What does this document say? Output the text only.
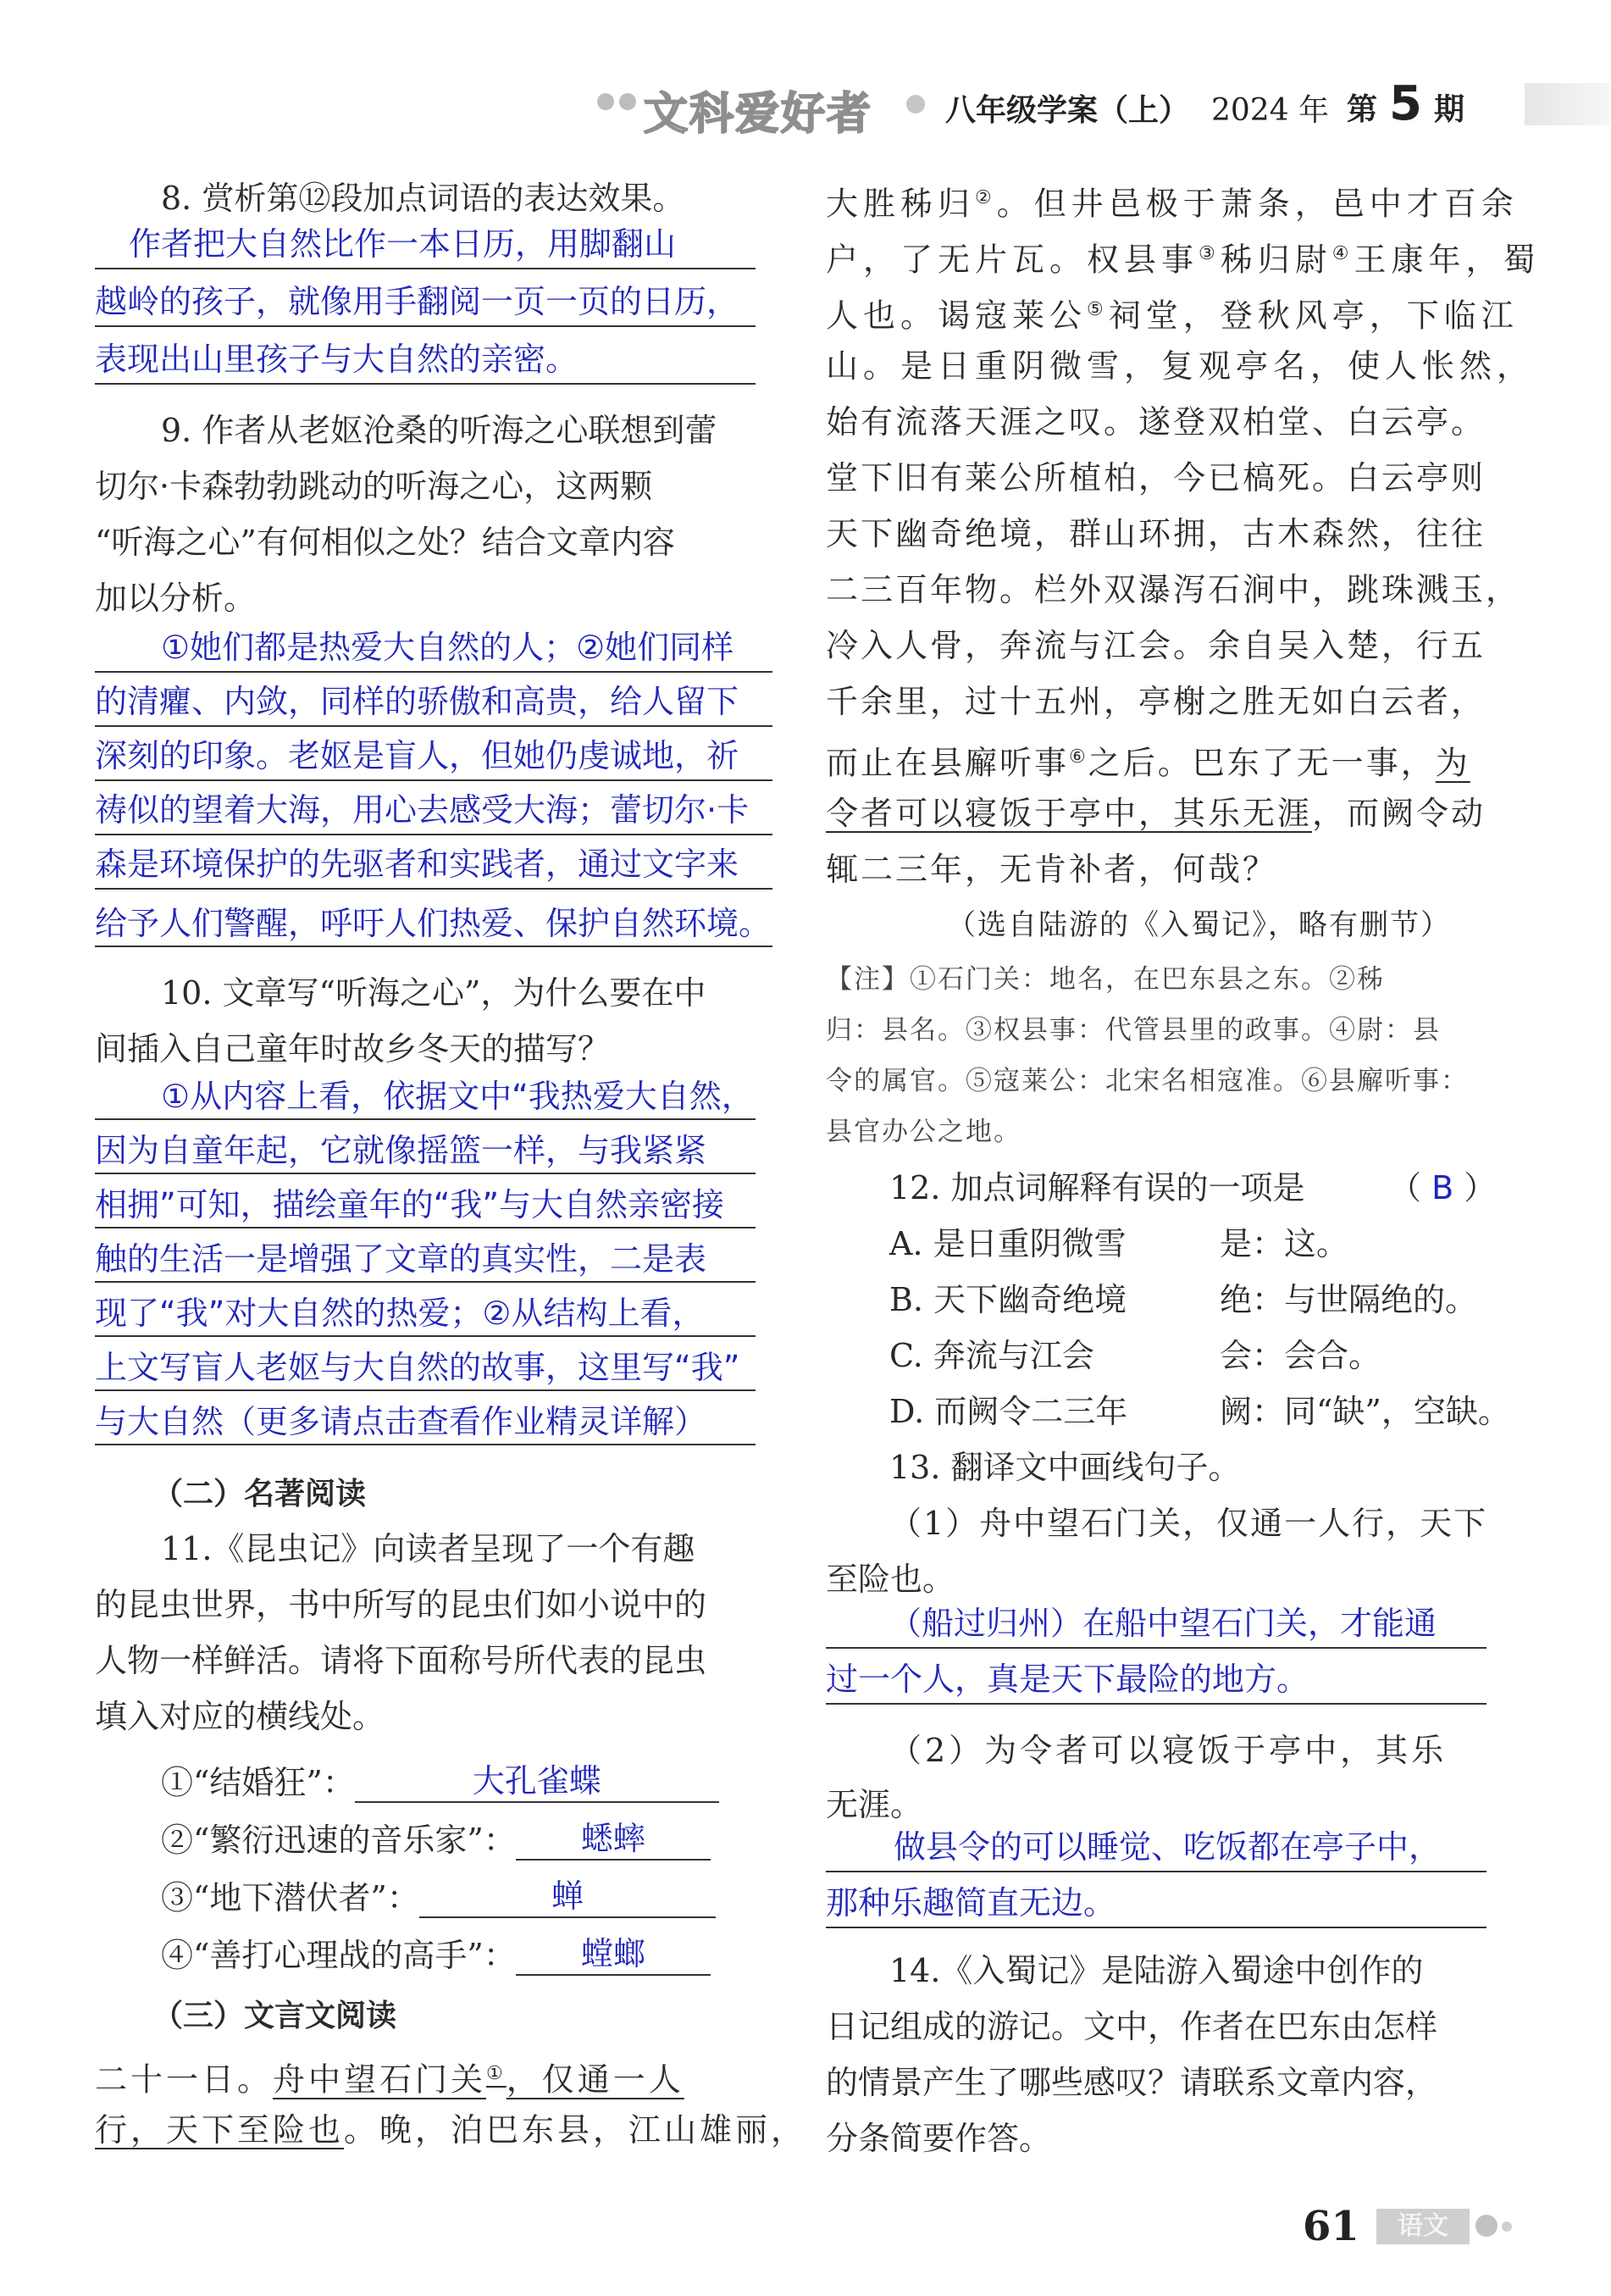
文科爱好者 八年级学案（上） 2024 年 第 5 期
8. 赏析第⑫段加点词语的表达效果。
作者把大自然比作一本日历，用脚翻山
越岭的孩子，就像用手翻阅一页一页的日历，
表现出山里孩子与大自然的亲密。
9. 作者从老妪沧桑的听海之心联想到蕾
切尔·卡森勃勃跳动的听海之心，这两颗
“听海之心”有何相似之处？结合文章内容
加以分析。
①她们都是热爱大自然的人；②她们同样
的清癯、内敛，同样的骄傲和高贵，给人留下
深刻的印象。老妪是盲人，但她仍虔诚地，祈
祷似的望着大海，用心去感受大海；蕾切尔·卡
森是环境保护的先驱者和实践者，通过文字来
给予人们警醒，呼吁人们热爱、保护自然环境。
10. 文章写“听海之心”，为什么要在中
间插入自己童年时故乡冬天的描写？
①从内容上看，依据文中“我热爱大自然，
因为自童年起，它就像摇篮一样，与我紧紧
相拥”可知，描绘童年的“我”与大自然亲密接
触的生活一是增强了文章的真实性，二是表
现了“我”对大自然的热爱；②从结构上看，
上文写盲人老妪与大自然的故事，这里写“我”
与大自然（更多请点击查看作业精灵详解）
（二）名著阅读
11.《昆虫记》向读者呈现了一个有趣
的昆虫世界，书中所写的昆虫们如小说中的
人物一样鲜活。请将下面称号所代表的昆虫
填入对应的横线处。
①“结婚狂”：	大孔雀蝶
②“繁衍迅速的音乐家”： 蟋蟀
③“地下潜伏者”：	蝉
④“善打心理战的高手”： 螳螂
（三）文言文阅读
二十一日。舟中望石门关①，仅通一人
行，天下至险也。晚，泊巴东县，江山雄丽，
大胜秭归②。但井邑极于萧条，邑中才百余
户，了无片瓦。权县事③秭归尉④王康年，蜀
人也。谒寇莱公⑤祠堂，登秋风亭，下临江
山。是日重阴微雪，复观亭名，使人怅然，
始有流落天涯之叹。遂登双柏堂、白云亭。
堂下旧有莱公所植柏，今已槁死。白云亭则
天下幽奇绝境，群山环拥，古木森然，往往
二三百年物。栏外双瀑泻石涧中，跳珠溅玉，
冷入人骨，奔流与江会。余自吴入楚，行五
千余里，过十五州，亭榭之胜无如白云者，
而止在县廨听事⑥之后。巴东了无一事，为
令者可以寝饭于亭中，其乐无涯，而阙令动
辄二三年，无肯补者，何哉？
（选自陆游的《入蜀记》，略有删节）
【注】①石门关：地名，在巴东县之东。②秭
归：县名。③权县事：代管县里的政事。④尉：县
令的属官。⑤寇莱公：北宋名相寇准。⑥县廨听事：
县官办公之地。
12. 加点词解释有误的一项是	（ B ）
A. 是日重阴微雪	是：这。
B. 天下幽奇绝境	绝：与世隔绝的。
C. 奔流与江会	会：会合。
D. 而阙令二三年	阙：同“缺”，空缺。
13. 翻译文中画线句子。
（1）舟中望石门关，仅通一人行，天下
至险也。
（船过归州）在船中望石门关，才能通
过一个人，真是天下最险的地方。
（2）为令者可以寝饭于亭中，其乐
无涯。
做县令的可以睡觉、吃饭都在亭子中，
那种乐趣简直无边。
14.《入蜀记》是陆游入蜀途中创作的
日记组成的游记。文中，作者在巴东由怎样
的情景产生了哪些感叹？请联系文章内容，
分条简要作答。
61	语文
